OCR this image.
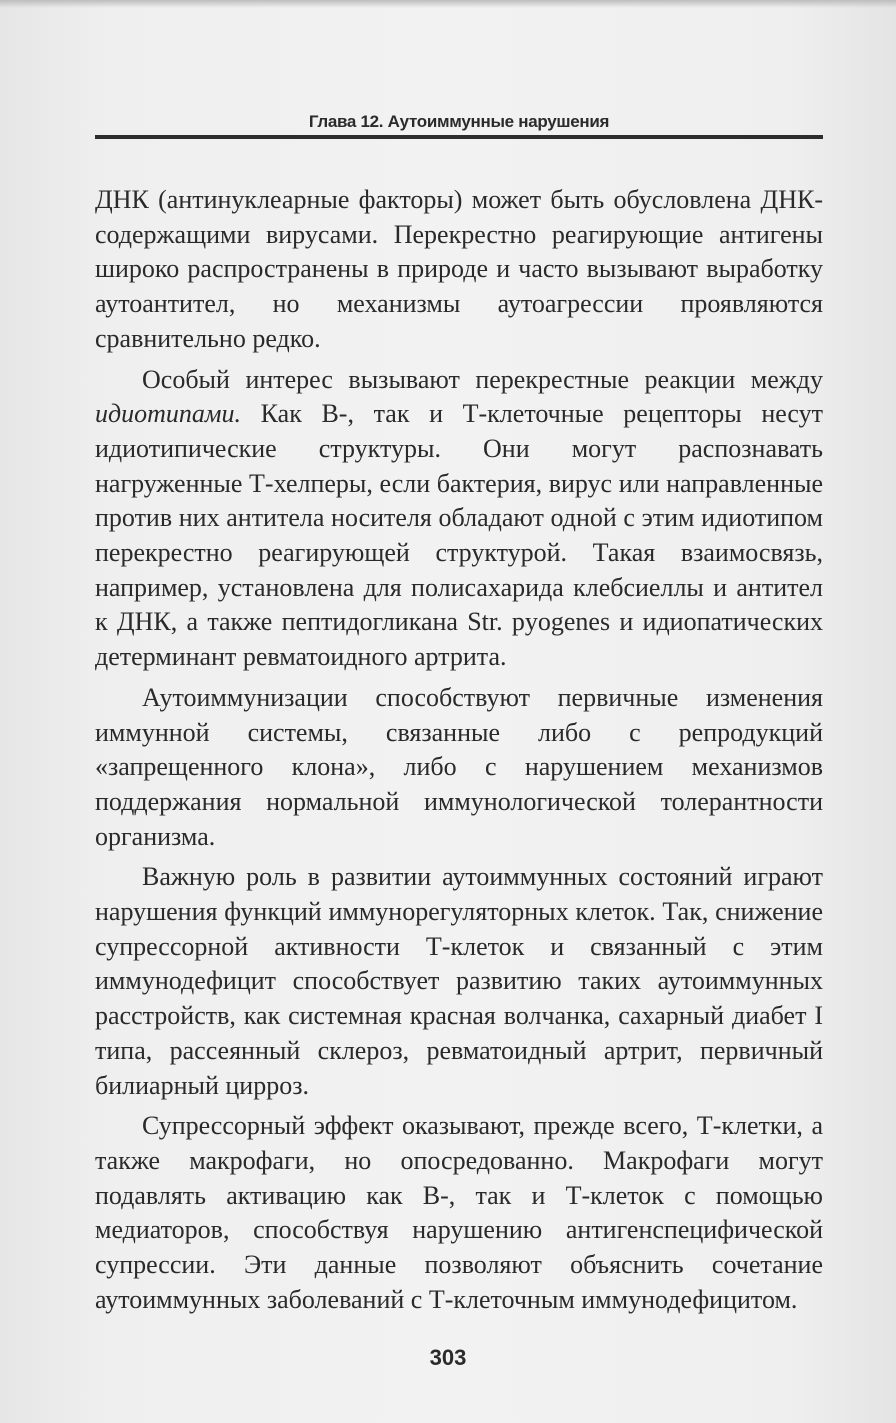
Глава 12. Аутоиммунные нарушения

ДНК (антинуклеарные факторы) может быть обусловлена ДНК-содержащими вирусами. Перекрестно реагирующие антигены широко распространены в природе и часто вызывают выработку аутоантител, но механизмы аутоагрессии проявляются сравнительно редко.

Особый интерес вызывают перекрестные реакции между идиотипами. Как В-, так и Т-клеточные рецепторы несут идиотипические структуры. Они могут распознавать нагруженные Т-хелперы, если бактерия, вирус или направленные против них антитела носителя обладают одной с этим идиотипом перекрестно реагирующей структурой. Такая взаимосвязь, например, установлена для полисахарида клебсиеллы и антител к ДНК, а также пептидогликана Str. pyogenes и идиопатических детерминант ревматоидного артрита.

Аутоиммунизации способствуют первичные изменения иммунной системы, связанные либо с репродукций «запрещенного клона», либо с нарушением механизмов поддержания нормальной иммунологической толерантности организма.

Важную роль в развитии аутоиммунных состояний играют нарушения функций иммунорегуляторных клеток. Так, снижение супрессорной активности Т-клеток и связанный с этим иммунодефицит способствует развитию таких аутоиммунных расстройств, как системная красная волчанка, сахарный диабет I типа, рассеянный склероз, ревматоидный артрит, первичный билиарный цирроз.

Супрессорный эффект оказывают, прежде всего, Т-клетки, а также макрофаги, но опосредованно. Макрофаги могут подавлять активацию как В-, так и Т-клеток с помощью медиаторов, способствуя нарушению антигенспецифической супрессии. Эти данные позволяют объяснить сочетание аутоиммунных заболеваний с Т-клеточным иммунодефицитом.

303
